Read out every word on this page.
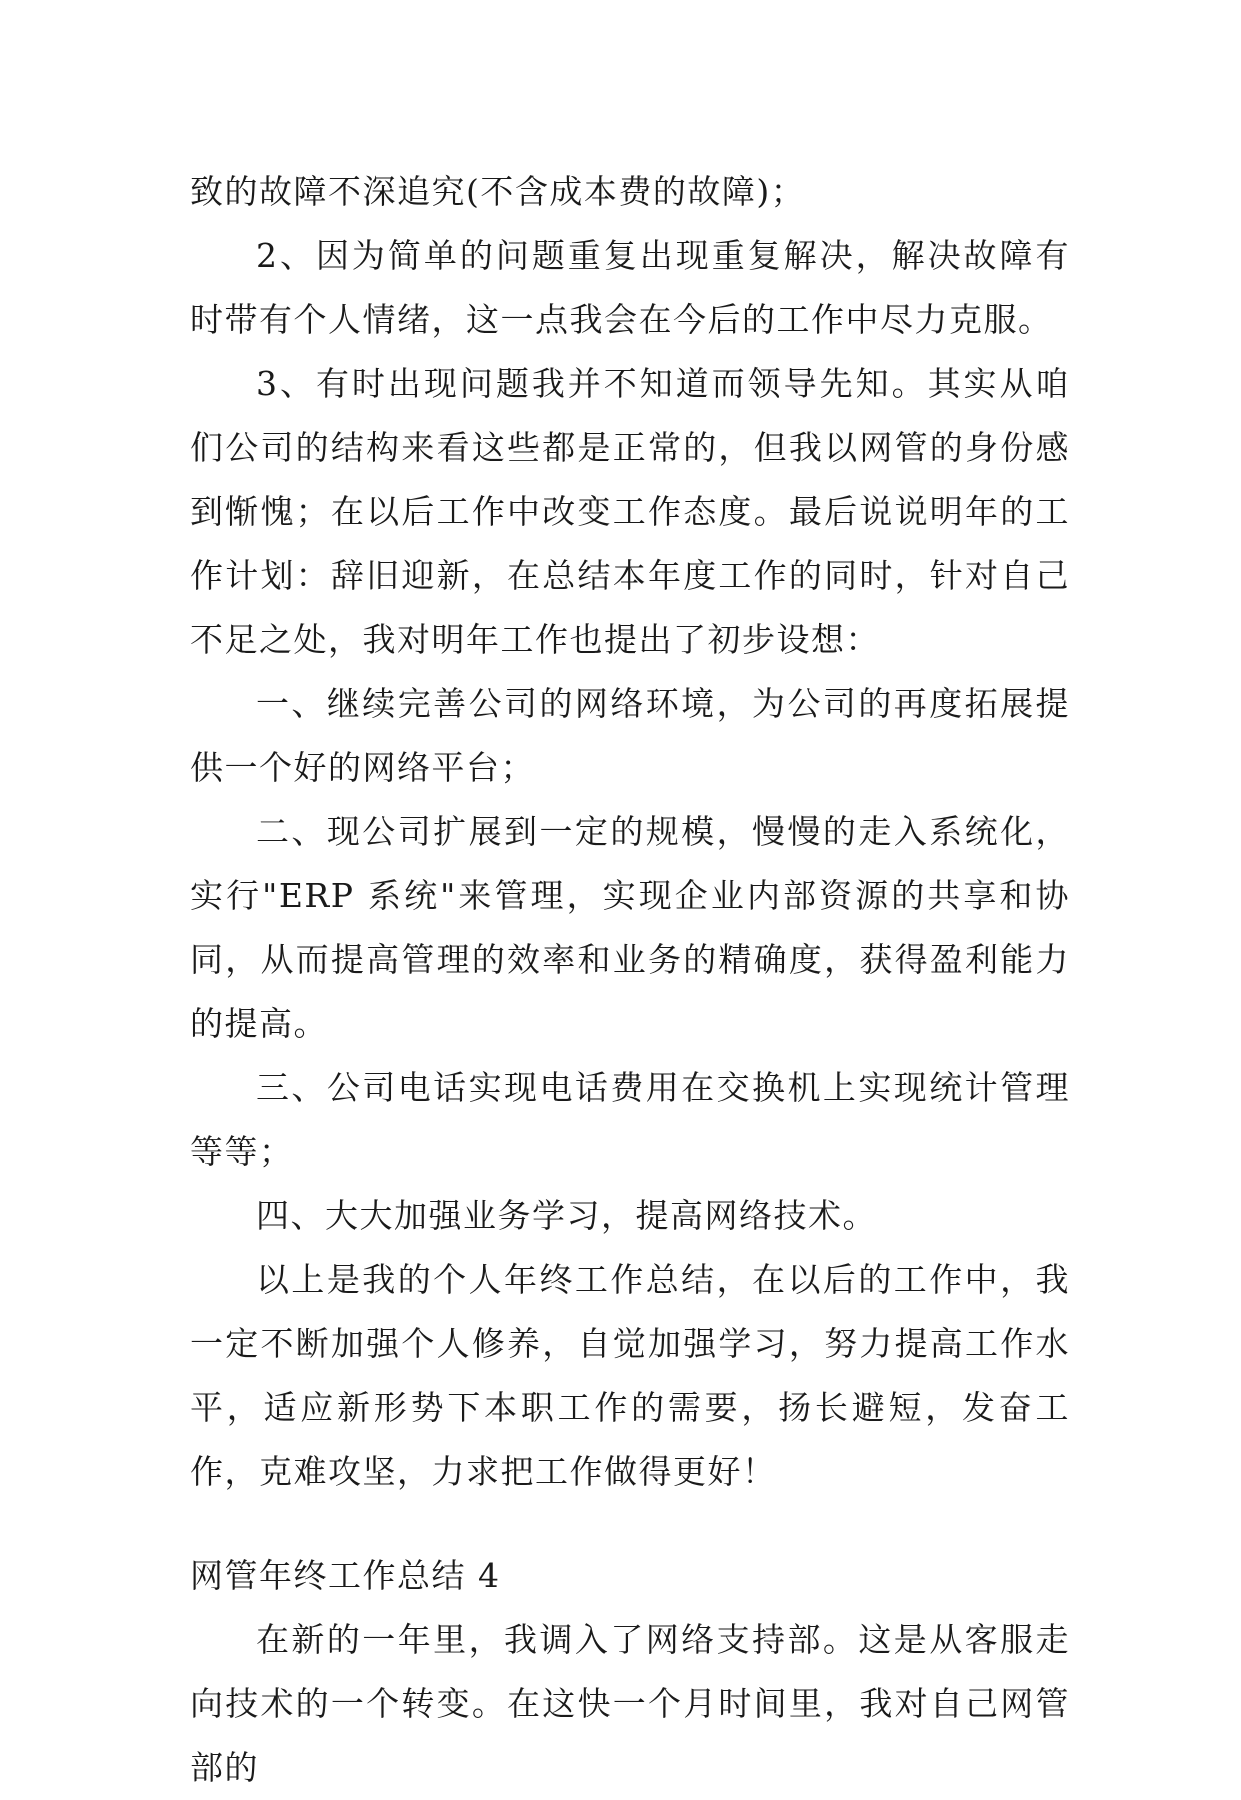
致的故障不深追究(不含成本费的故障)；

2、因为简单的问题重复出现重复解决，解决故障有时带有个人情绪，这一点我会在今后的工作中尽力克服。

3、有时出现问题我并不知道而领导先知。其实从咱们公司的结构来看这些都是正常的，但我以网管的身份感到惭愧；在以后工作中改变工作态度。最后说说明年的工作计划：辞旧迎新，在总结本年度工作的同时，针对自己不足之处，我对明年工作也提出了初步设想：

一、继续完善公司的网络环境，为公司的再度拓展提供一个好的网络平台；

二、现公司扩展到一定的规模，慢慢的走入系统化，实行"ERP 系统"来管理，实现企业内部资源的共享和协同，从而提高管理的效率和业务的精确度，获得盈利能力的提高。

三、公司电话实现电话费用在交换机上实现统计管理等等；

四、大大加强业务学习，提高网络技术。

以上是我的个人年终工作总结，在以后的工作中，我一定不断加强个人修养，自觉加强学习，努力提高工作水平，适应新形势下本职工作的需要，扬长避短，发奋工作，克难攻坚，力求把工作做得更好！

网管年终工作总结 4

在新的一年里，我调入了网络支持部。这是从客服走向技术的一个转变。在这快一个月时间里，我对自己网管部的
